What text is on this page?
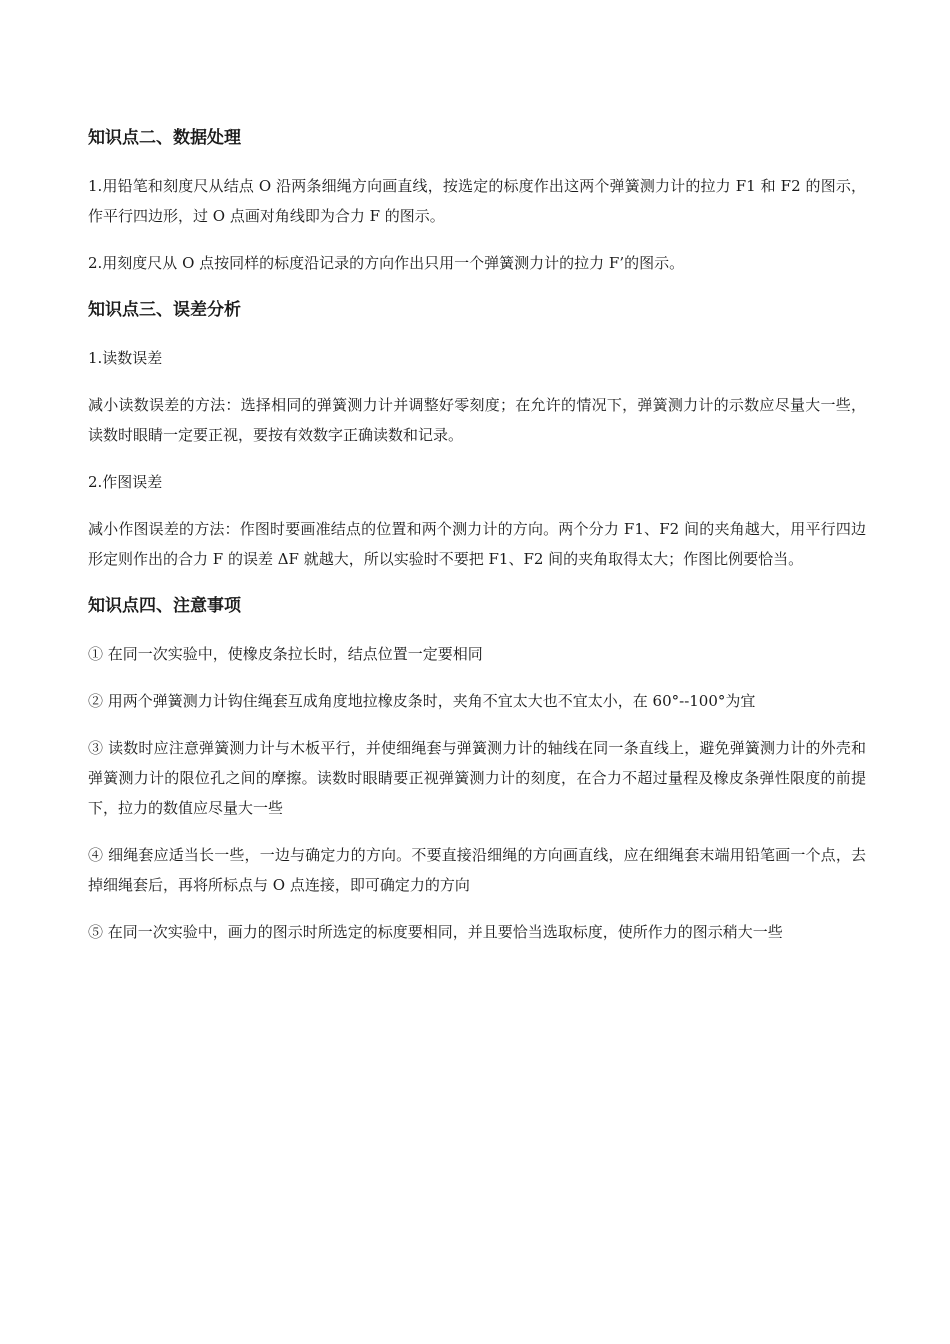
知识点二、数据处理

1.用铅笔和刻度尺从结点 O 沿两条细绳方向画直线，按选定的标度作出这两个弹簧测力计的拉力 F1 和 F2 的图示，作平行四边形，过 O 点画对角线即为合力 F 的图示。

2.用刻度尺从 O 点按同样的标度沿记录的方向作出只用一个弹簧测力计的拉力 F’的图示。

知识点三、误差分析

1.读数误差

减小读数误差的方法：选择相同的弹簧测力计并调整好零刻度；在允许的情况下，弹簧测力计的示数应尽量大一些，读数时眼睛一定要正视，要按有效数字正确读数和记录。

2.作图误差

减小作图误差的方法：作图时要画准结点的位置和两个测力计的方向。两个分力 F1、F2 间的夹角越大，用平行四边形定则作出的合力 F 的误差 ΔF 就越大，所以实验时不要把 F1、F2 间的夹角取得太大；作图比例要恰当。

知识点四、注意事项

① 在同一次实验中，使橡皮条拉长时，结点位置一定要相同

② 用两个弹簧测力计钩住绳套互成角度地拉橡皮条时，夹角不宜太大也不宜太小，在 60°--100°为宜

③ 读数时应注意弹簧测力计与木板平行，并使细绳套与弹簧测力计的轴线在同一条直线上，避免弹簧测力计的外壳和弹簧测力计的限位孔之间的摩擦。读数时眼睛要正视弹簧测力计的刻度，在合力不超过量程及橡皮条弹性限度的前提下，拉力的数值应尽量大一些

④ 细绳套应适当长一些，一边与确定力的方向。不要直接沿细绳的方向画直线，应在细绳套末端用铅笔画一个点，去掉细绳套后，再将所标点与 O 点连接，即可确定力的方向

⑤ 在同一次实验中，画力的图示时所选定的标度要相同，并且要恰当选取标度，使所作力的图示稍大一些
